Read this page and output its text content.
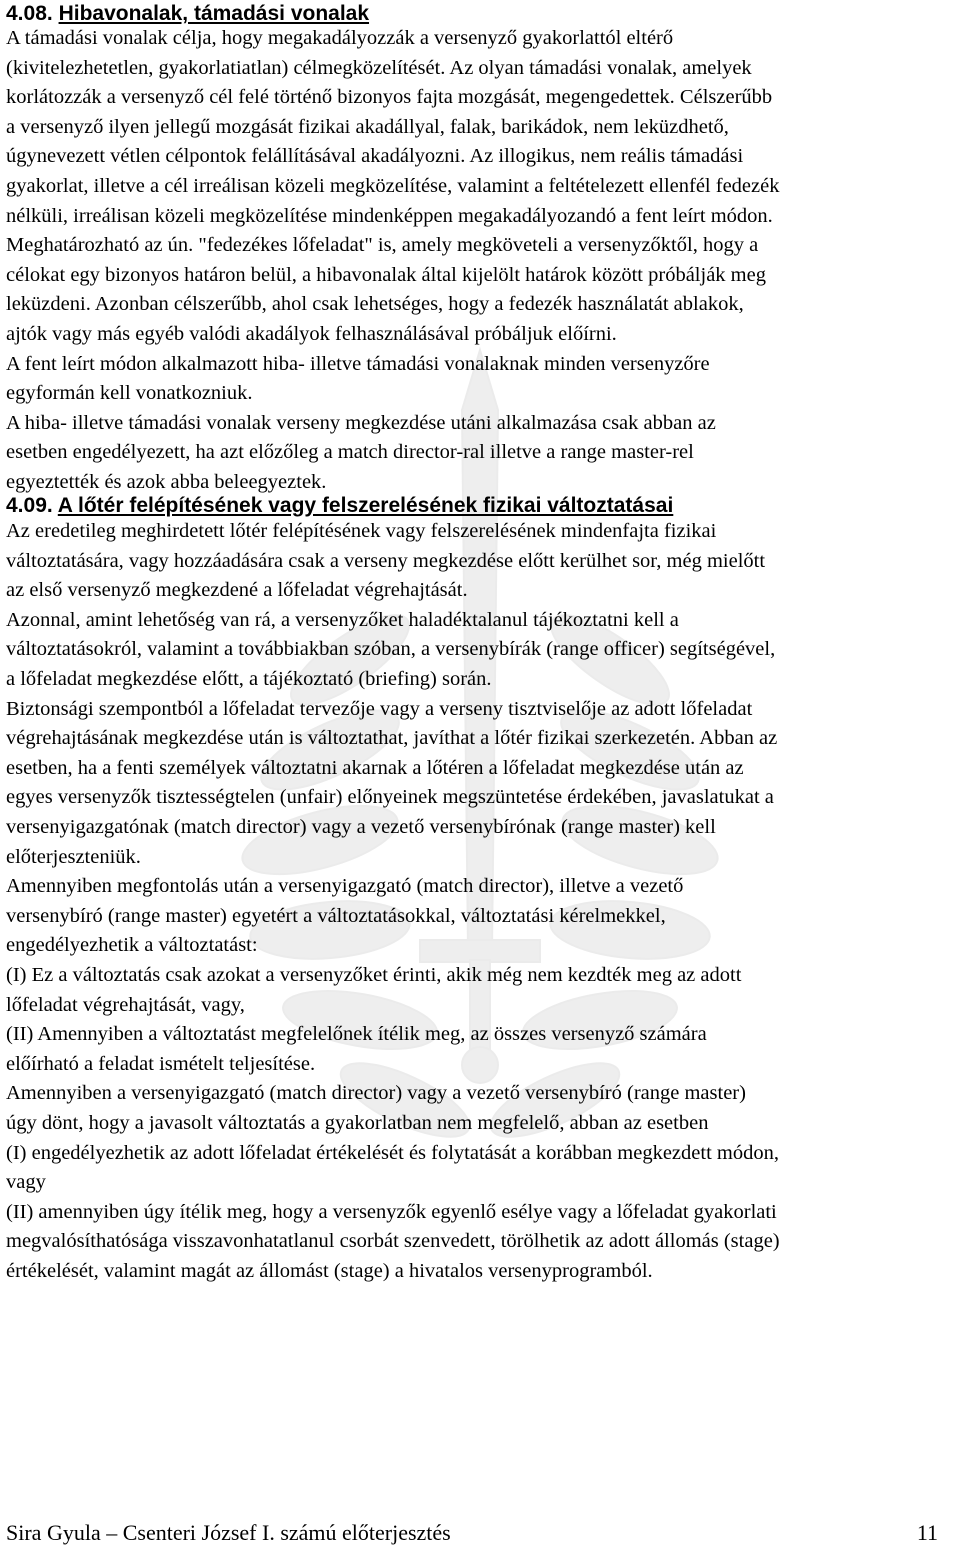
4.08. Hibavonalak, támadási vonalak
A támadási vonalak célja, hogy megakadályozzák a versenyző gyakorlattól eltérő
(kivitelezhetetlen, gyakorlatiatlan) célmegközelítését. Az olyan támadási vonalak, amelyek
korlátozzák a versenyző cél felé történő bizonyos fajta mozgását, megengedettek. Célszerűbb
a versenyző ilyen jellegű mozgását fizikai akadállyal, falak, barikádok, nem leküzdhető,
úgynevezett vétlen célpontok felállításával akadályozni. Az illogikus, nem reális támadási
gyakorlat, illetve a cél irreálisan közeli megközelítése, valamint a feltételezett ellenfél fedezék
nélküli, irreálisan közeli megközelítése mindenképpen megakadályozandó a fent leírt módon.
Meghatározható az ún. "fedezékes lőfeladat" is, amely megköveteli a versenyzőktől, hogy a
célokat egy bizonyos határon belül, a hibavonalak által kijelölt határok között próbálják meg
leküzdeni. Azonban célszerűbb, ahol csak lehetséges, hogy a fedezék használatát ablakok,
ajtók vagy más egyéb valódi akadályok felhasználásával próbáljuk előírni.
A fent leírt módon alkalmazott hiba- illetve támadási vonalaknak minden versenyzőre
egyformán kell vonatkozniuk.
A hiba- illetve támadási vonalak verseny megkezdése utáni alkalmazása csak abban az
esetben engedélyezett, ha azt előzőleg a match director-ral illetve a range master-rel
egyeztették és azok abba beleegyeztek.
4.09. A lőtér felépítésének vagy felszerelésének fizikai változtatásai
Az eredetileg meghirdetett lőtér felépítésének vagy felszerelésének mindenfajta fizikai
változtatására, vagy hozzáadására csak a verseny megkezdése előtt kerülhet sor, még mielőtt
az első versenyző megkezdené a lőfeladat végrehajtását.
Azonnal, amint lehetőség van rá, a versenyzőket haladéktalanul tájékoztatni kell a
változtatásokról, valamint a továbbiakban szóban, a versenybírák (range officer) segítségével,
a lőfeladat megkezdése előtt, a tájékoztató (briefing) során.
Biztonsági szempontból a lőfeladat tervezője vagy a verseny tisztviselője az adott lőfeladat
végrehajtásának megkezdése után is változtathat, javíthat a lőtér fizikai szerkezetén. Abban az
esetben, ha a fenti személyek változtatni akarnak a lőtéren a lőfeladat megkezdése után az
egyes versenyzők tisztességtelen (unfair) előnyeinek megszüntetése érdekében, javaslatukat a
versenyigazgatónak (match director) vagy a vezető versenybírónak (range master) kell
előterjeszteniük.
Amennyiben megfontolás után a versenyigazgató (match director), illetve a vezető
versenybíró (range master) egyetért a változtatásokkal, változtatási kérelmekkel,
engedélyezhetik a változtatást:
(I) Ez a változtatás csak azokat a versenyzőket érinti, akik még nem kezdték meg az adott
lőfeladat végrehajtását, vagy,
(II) Amennyiben a változtatást megfelelőnek ítélik meg, az összes versenyző számára
előírható a feladat ismételt teljesítése.
Amennyiben a versenyigazgató (match director) vagy a vezető versenybíró (range master)
úgy dönt, hogy a javasolt változtatás a gyakorlatban nem megfelelő, abban az esetben
(I) engedélyezhetik az adott lőfeladat értékelését és folytatását a korábban megkezdett módon,
vagy
(II) amennyiben úgy ítélik meg, hogy a versenyzők egyenlő esélye vagy a lőfeladat gyakorlati
megvalósíthatósága visszavonhatatlanul csorbát szenvedett, törölhetik az adott állomás (stage)
értékelését, valamint magát az állomást (stage) a hivatalos versenyprogramból.
Sira Gyula – Csenteri József I. számú előterjesztés	11
